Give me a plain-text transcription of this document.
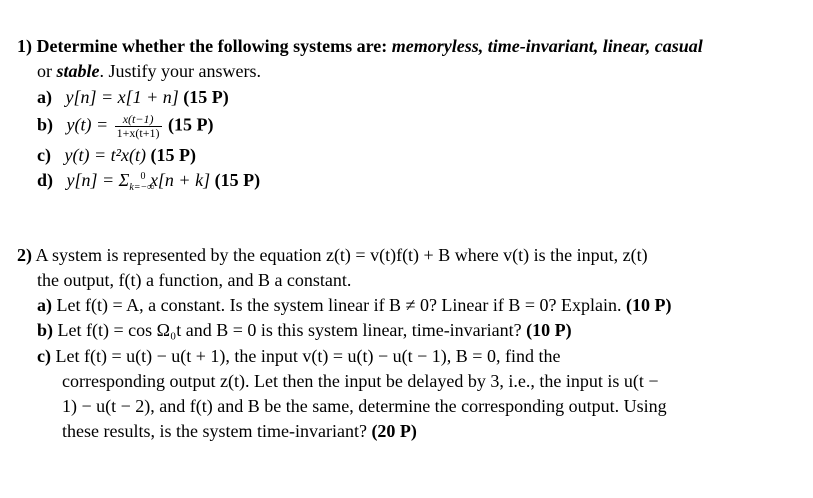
1) Determine whether the following systems are: memoryless, time-invariant, linear, casual
or stable. Justify your answers.
a) y[n] = x[1 + n] (15 P)
b) $y(t) = \frac{x(t-1)}{1+x(t+1)} (15$ P)
c) y(t) = t²x(t) (15 P)
d) $y[n] = \Sigma_{k=-\infty}^0$ x[n + k] (15 P)
2) A system is represented by the equation z(t) = v(t)f(t) + B where v(t) is the input, z(t)
the output, f(t) a function, and B a constant.
a) Let f(t) = A, a constant. Is the system linear if B ≠ 0? Linear if B = 0? Explain. (10 P)
b) Let f(t) = cos Ω₀t and B = 0 is this system linear, time-invariant? (10 P)
c) Let f(t) = u(t) − u(t + 1), the input v(t) = u(t) − u(t − 1), B = 0, find the
corresponding output z(t). Let then the input be delayed by 3, i.e., the input is u(t −
1) − u(t − 2), and f(t) and B be the same, determine the corresponding output. Using
these results, is the system time-invariant? (20 P)
